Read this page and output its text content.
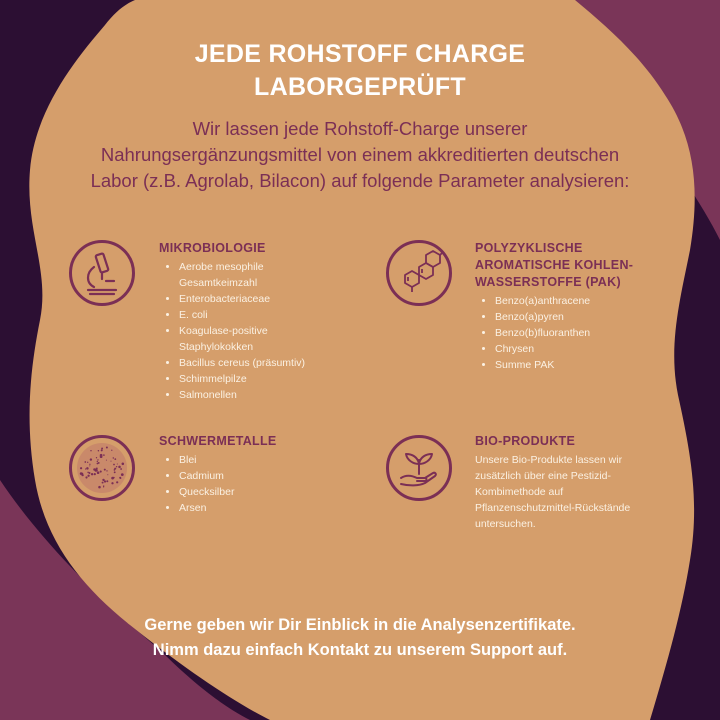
JEDE ROHSTOFF CHARGE
LABORGEPRÜFT
Wir lassen jede Rohstoff-Charge unserer
Nahrungsergänzungsmittel von einem akkreditierten deutschen
Labor (z.B. Agrolab, Bilacon) auf folgende Parameter analysieren:
MIKROBIOLOGIE
• Aerobe mesophile
Gesamtkeimzahl
• Enterobacteriaceae
• E. coli
• Koagulase-positive
Staphylokokken
• Bacillus cereus (präsumtiv)
• Schimmelpilze
• Salmonellen
POLYZYKLISCHE
AROMATISCHE KOHLEN-
WASSERSTOFFE (PAK)
• Benzo(a)anthracene
• Benzo(a)pyren
• Benzo(b)fluoranthen
• Chrysen
• Summe PAK
SCHWERMETALLE
• Blei
• Cadmium
• Quecksilber
• Arsen
BIO-PRODUKTE
Unsere Bio-Produkte lassen wir
zusätzlich über eine Pestizid-
Kombimethode auf
Pflanzenschutzmittel-Rückstände
untersuchen.
Gerne geben wir Dir Einblick in die Analysenzertifikate.
Nimm dazu einfach Kontakt zu unserem Support auf.
